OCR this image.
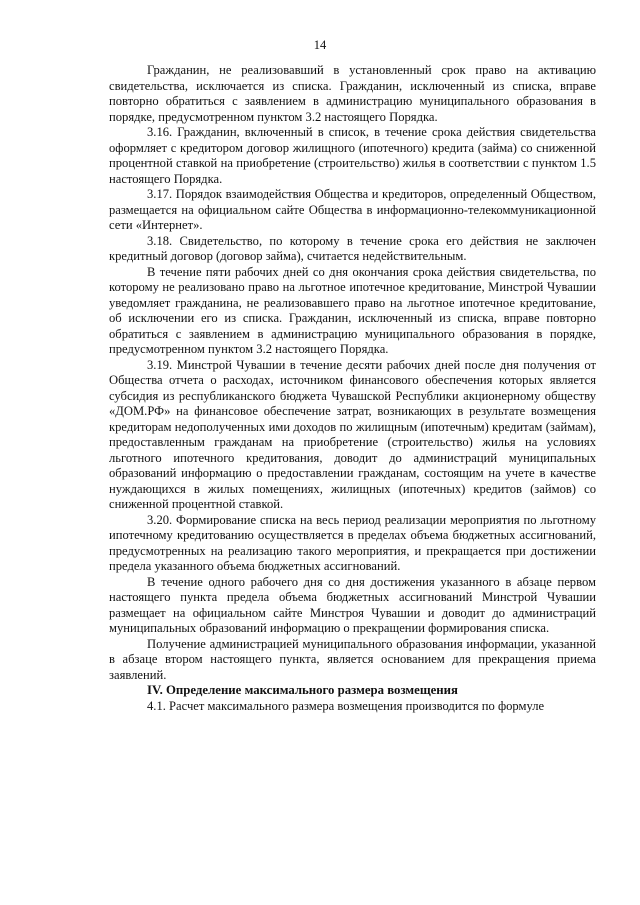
14

Гражданин, не реализовавший в установленный срок право на активацию свидетельства, исключается из списка. Гражданин, исключенный из списка, вправе повторно обратиться с заявлением в администрацию муниципального образования в порядке, предусмотренном пунктом 3.2 настоящего Порядка.

3.16. Гражданин, включенный в список, в течение срока действия свидетельства оформляет с кредитором договор жилищного (ипотечного) кредита (займа) со сниженной процентной ставкой на приобретение (строительство) жилья в соответствии с пунктом 1.5 настоящего Порядка.

3.17. Порядок взаимодействия Общества и кредиторов, определенный Обществом, размещается на официальном сайте Общества в информационно-телекоммуникационной сети «Интернет».

3.18. Свидетельство, по которому в течение срока его действия не заключен кредитный договор (договор займа), считается недействительным.

В течение пяти рабочих дней со дня окончания срока действия свидетельства, по которому не реализовано право на льготное ипотечное кредитование, Минстрой Чувашии уведомляет гражданина, не реализовавшего право на льготное ипотечное кредитование, об исключении его из списка. Гражданин, исключенный из списка, вправе повторно обратиться с заявлением в администрацию муниципального образования в порядке, предусмотренном пунктом 3.2 настоящего Порядка.

3.19. Минстрой Чувашии в течение десяти рабочих дней после дня получения от Общества отчета о расходах, источником финансового обеспечения которых является субсидия из республиканского бюджета Чувашской Республики акционерному обществу «ДОМ.РФ» на финансовое обеспечение затрат, возникающих в результате возмещения кредиторам недополученных ими доходов по жилищным (ипотечным) кредитам (займам), предоставленным гражданам на приобретение (строительство) жилья на условиях льготного ипотечного кредитования, доводит до администраций муниципальных образований информацию о предоставлении гражданам, состоящим на учете в качестве нуждающихся в жилых помещениях, жилищных (ипотечных) кредитов (займов) со сниженной процентной ставкой.

3.20. Формирование списка на весь период реализации мероприятия по льготному ипотечному кредитованию осуществляется в пределах объема бюджетных ассигнований, предусмотренных на реализацию такого мероприятия, и прекращается при достижении предела указанного объема бюджетных ассигнований.

В течение одного рабочего дня со дня достижения указанного в абзаце первом настоящего пункта предела объема бюджетных ассигнований Минстрой Чувашии размещает на официальном сайте Минстроя Чувашии и доводит до администраций муниципальных образований информацию о прекращении формирования списка.

Получение администрацией муниципального образования информации, указанной в абзаце втором настоящего пункта, является основанием для прекращения приема заявлений.

IV. Определение максимального размера возмещения

4.1. Расчет максимального размера возмещения производится по формуле
